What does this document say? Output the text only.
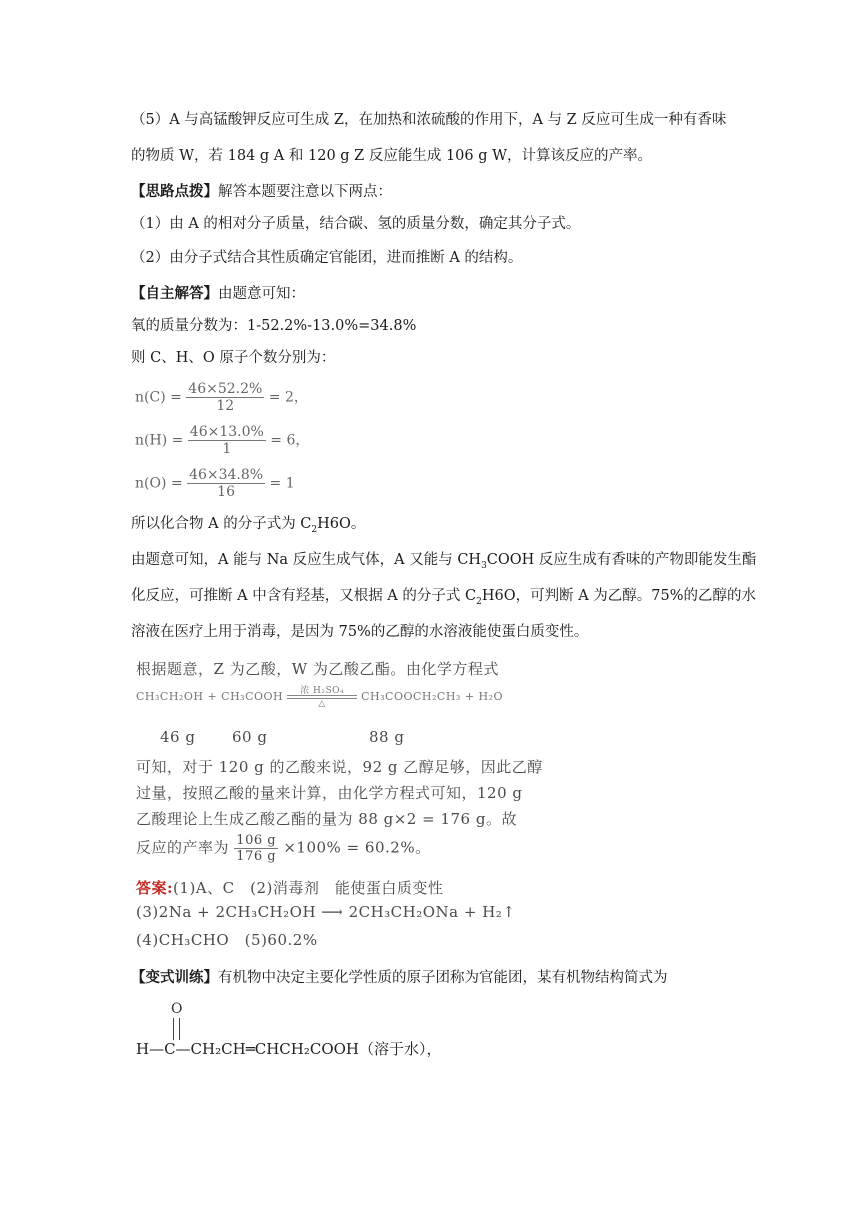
（5）A 与高锰酸钾反应可生成 Z，在加热和浓硫酸的作用下，A 与 Z 反应可生成一种有香味
的物质 W，若 184 g A 和 120 g Z 反应能生成 106 g W，计算该反应的产率。
【思路点拨】解答本题要注意以下两点：
（1）由 A 的相对分子质量，结合碳、氢的质量分数，确定其分子式。
（2）由分子式结合其性质确定官能团，进而推断 A 的结构。
【自主解答】由题意可知：
氧的质量分数为：1-52.2%-13.0%=34.8%
则 C、H、O 原子个数分别为：
$n(C) = \frac{46\times 52.2\%}{12} = 2$，
$n(H) = \frac{46\times 13.0\%}{1} = 6$，
$n(O) = \frac{46\times 34.8\%}{16} = 1$
所以化合物 A 的分子式为 $C_2H6O$。
由题意可知，A 能与 Na 反应生成气体，A 又能与 $CH_3COOH$ 反应生成有香味的产物即能发生酯
化反应，可推断 A 中含有羟基，又根据 A 的分子式 $C_2H6O$，可判断 A 为乙醇。75%的乙醇的水
溶液在医疗上用于消毒，是因为 75%的乙醇的水溶液能使蛋白质变性。
根据题意，Z 为乙酸，W 为乙酸乙酯。由化学方程式
CH₃CH₂OH + CH₃COOH	浓 H₂SO₄
△
CH₃COOCH₂CH₃ + H₂O
46 g 60 g	88 g
可知，对于 120 g 的乙酸来说，92 g 乙醇足够，因此乙醇
过量，按照乙酸的量来计算，由化学方程式可知，120 g
乙酸理论上生成乙酸乙酯的量为 88 g×2 = 176 g。故
反应的产率为 $\frac{106 g}{176 g} \times 100\% = 60.2\%$。
答案:(1)A、C　(2)消毒剂　能使蛋白质变性
(3)2Na + 2CH₃CH₂OH ⟶ 2CH₃CH₂ONa + H₂↑
(4)CH₃CHO　(5)60.2%
【变式训练】有机物中决定主要化学性质的原子团称为官能团，某有机物结构简式为
O
H—C—CH₂CH═CHCH₂COOH（溶于水），
